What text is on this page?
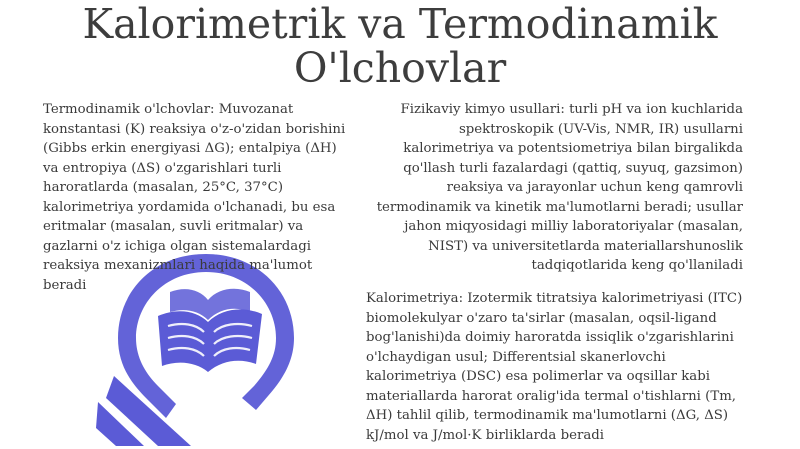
Kalorimetrik va Termodinamik O'lchovlar
Termodinamik o'lchovlar: Muvozanat konstantasi (K) reaksiya o'z-o'zidan borishini (Gibbs erkin energiyasi ΔG); entalpiya (ΔH) va entropiya (ΔS) o'zgarishlari turli haroratlarda (masalan, 25°C, 37°C) kalorimetriya yordamida o'lchanadi, bu esa eritmalar (masalan, suvli eritmalar) va gazlarni o'z ichiga olgan sistemalardagi reaksiya mexanizmlari haqida ma'lumot beradi
Fizikaviy kimyo usullari: turli pH va ion kuchlarida spektroskopik (UV-Vis, NMR, IR) usullarni kalorimetriya va potentsiometriya bilan birgalikda qo'llash turli fazalardagi (qattiq, suyuq, gazsimon) reaksiya va jarayonlar uchun keng qamrovli termodinamik va kinetik ma'lumotlarni beradi; usullar jahon miqyosidagi milliy laboratoriyalar (masalan, NIST) va universitetlarda materiallarshunoslik tadqiqotlarida keng qo'llaniladi
Kalorimetriya: Izotermik titratsiya kalorimetriyasi (ITC) biomolekulyar o'zaro ta'sirlar (masalan, oqsil-ligand bog'lanishi)da doimiy haroratda issiqlik o'zgarishlarini o'lchaydigan usul; Differentsial skanerlovchi kalorimetriya (DSC) esa polimerlar va oqsillar kabi materiallarda harorat oralig'ida termal o'tishlarni (Tm, ΔH) tahlil qilib, termodinamik ma'lumotlarni (ΔG, ΔS) kJ/mol va J/mol·K birliklarda beradi
